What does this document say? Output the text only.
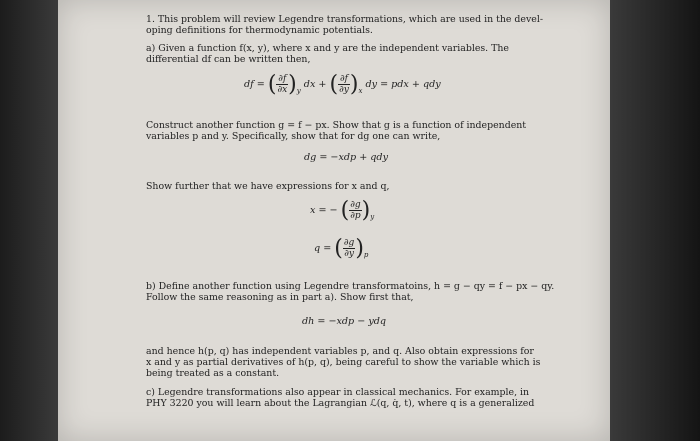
1. This problem will review Legendre transformations, which are used in the devel-
oping definitions for thermodynamic potentials.
a) Given a function f(x, y), where x and y are the independent variables. The
differential df can be written then,
df = ( $\frac{\partial f}{\partial x} )_y$ dx + ( $\frac{\partial f}{\partial y} )_x$ dy = pdx + qdy
Construct another function g = f − px. Show that g is a function of independent
variables p and y. Specifically, show that for dg one can write,
dg = −xdp + qdy
Show further that we have expressions for x and q,
x = − ( $\frac{\partial g}{\partial p} )_y$
q = ( $\frac{\partial g}{\partial y} )_p$
b) Define another function using Legendre transformatoins, h = g − qy = f − px − qy.
Follow the same reasoning as in part a). Show first that,
dh = −xdp − ydq
and hence h(p, q) has independent variables p, and q. Also obtain expressions for
x and y as partial derivatives of h(p, q), being careful to show the variable which is
being treated as a constant.
c) Legendre transformations also appear in classical mechanics. For example, in
PHY 3220 you will learn about the Lagrangian ℒ(q, q̇, t), where q is a generalized
